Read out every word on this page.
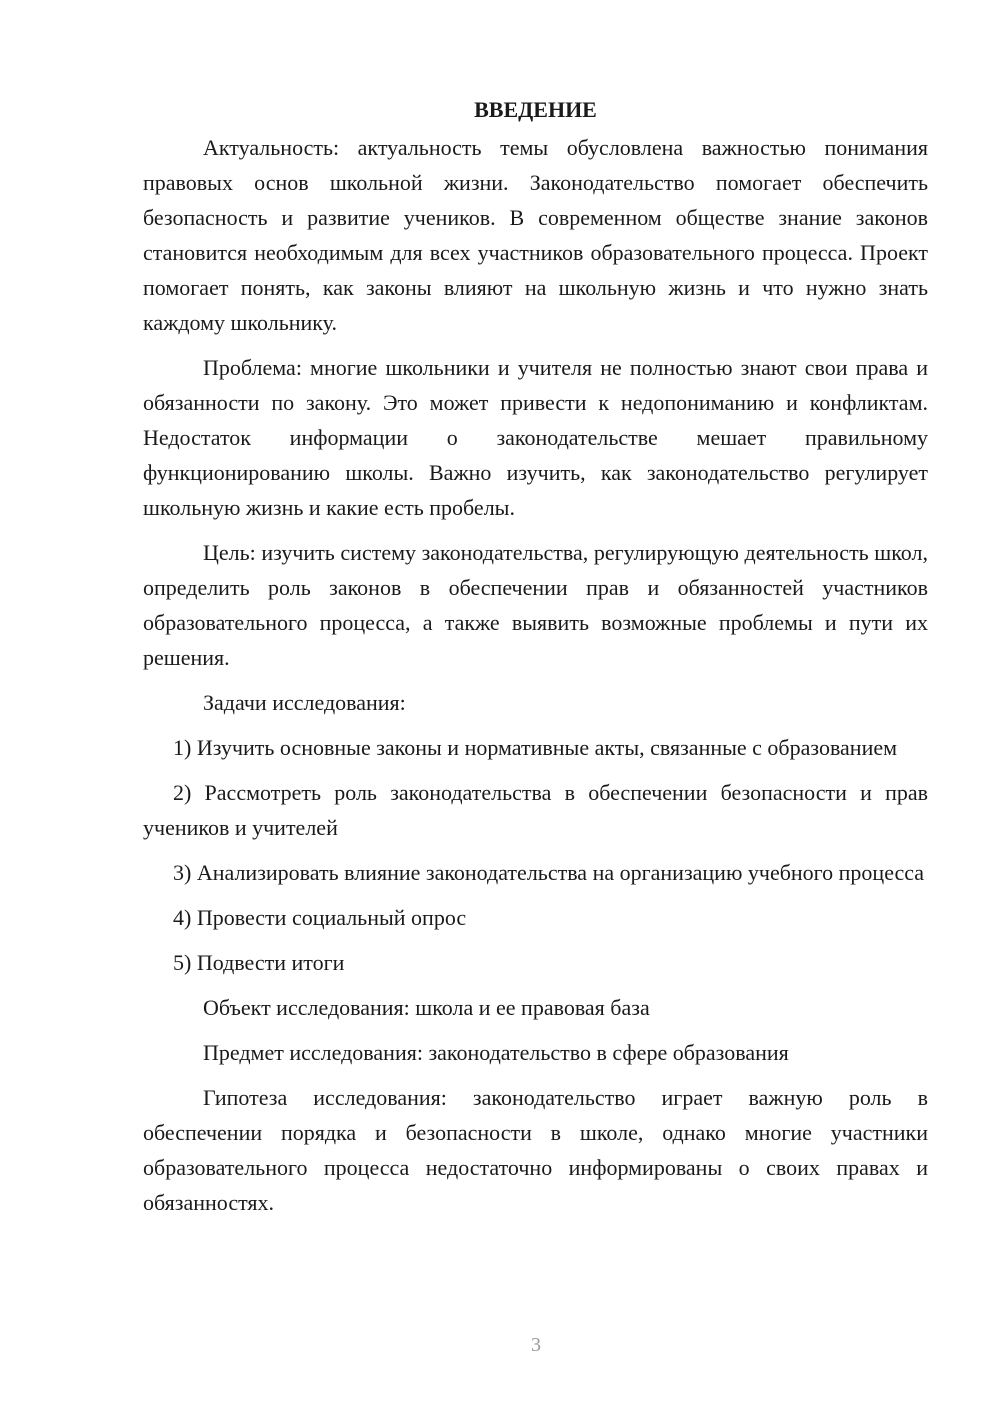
ВВЕДЕНИЕ

Актуальность: актуальность темы обусловлена важностью понимания правовых основ школьной жизни. Законодательство помогает обеспечить безопасность и развитие учеников. В современном обществе знание законов становится необходимым для всех участников образовательного процесса. Проект помогает понять, как законы влияют на школьную жизнь и что нужно знать каждому школьнику.

Проблема: многие школьники и учителя не полностью знают свои права и обязанности по закону. Это может привести к недопониманию и конфликтам. Недостаток информации о законодательстве мешает правильному функционированию школы. Важно изучить, как законодательство регулирует школьную жизнь и какие есть пробелы.

Цель: изучить систему законодательства, регулирующую деятельность школ, определить роль законов в обеспечении прав и обязанностей участников образовательного процесса, а также выявить возможные проблемы и пути их решения.

Задачи исследования:

1) Изучить основные законы и нормативные акты, связанные с образованием

2) Рассмотреть роль законодательства в обеспечении безопасности и прав учеников и учителей

3) Анализировать влияние законодательства на организацию учебного процесса

4) Провести социальный опрос

5) Подвести итоги

Объект исследования: школа и ее правовая база

Предмет исследования: законодательство в сфере образования

Гипотеза исследования: законодательство играет важную роль в обеспечении порядка и безопасности в школе, однако многие участники образовательного процесса недостаточно информированы о своих правах и обязанностях.

3
